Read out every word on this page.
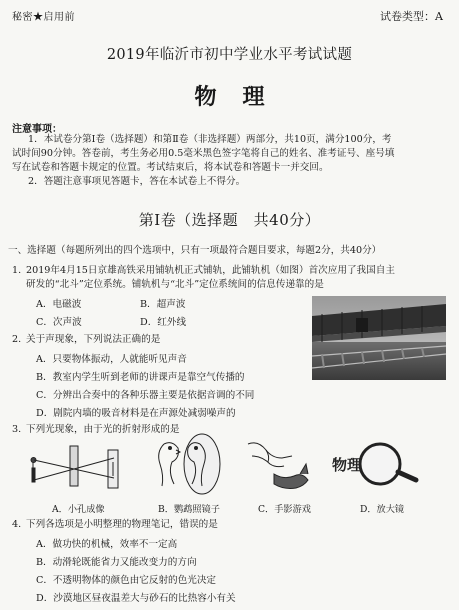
秘密★启用前	试卷类型：A
2019年临沂市初中学业水平考试试题
物理
注意事项：
1．本试卷分第Ⅰ卷（选择题）和第Ⅱ卷（非选择题）两部分，共10页，满分100分，考
试时间90分钟。答卷前，考生务必用0.5毫米黑色签字笔将自己的姓名、准考证号、座号填
写在试卷和答题卡规定的位置。考试结束后，将本试卷和答题卡一并交回。
2．答题注意事项见答题卡，答在本试卷上不得分。
第Ⅰ卷（选择题　共40分）
一、选择题（每题所列出的四个选项中，只有一项最符合题目要求，每题2分，共40分）
1. 2019年4月15日京雄高铁采用铺轨机正式铺轨，此铺轨机（如图）首次应用了我国自主
研发的“北斗”定位系统。铺轨机与“北斗”定位系统间的信息传递靠的是
A．电磁波	B．超声波
C．次声波	D．红外线
2. 关于声现象，下列说法正确的是
A．只要物体振动，人就能听见声音
B．教室内学生听到老师的讲课声是靠空气传播的
C．分辨出合奏中的各种乐器主要是依据音调的不同
D．剧院内墙的吸音材料是在声源处减弱噪声的
3. 下列光现象，由于光的折射形成的是
A．小孔成像	B．鹦鹉照镜子	C．手影游戏
物理
D．放大镜
4. 下列各选项是小明整理的物理笔记，错误的是
A．做功快的机械，效率不一定高
B．动滑轮既能省力又能改变力的方向
C．不透明物体的颜色由它反射的色光决定
D．沙漠地区昼夜温差大与砂石的比热容小有关
